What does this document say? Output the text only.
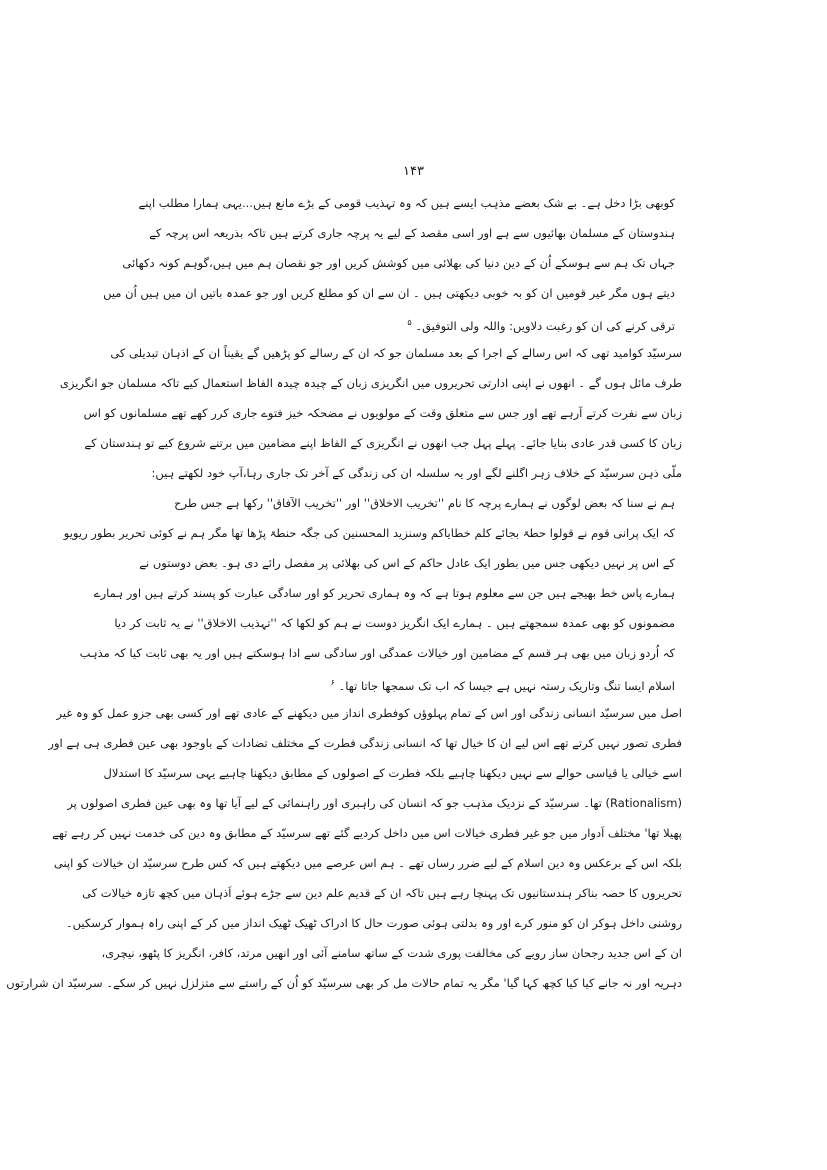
۱۴۳
کوبھی بڑا دخل ہے۔ بے شک بعضے مذہب ایسے ہیں کہ وہ تہذیب قومی کے بڑے مانع ہیں...یہی ہمارا مطلب اپنے
ہندوستان کے مسلمان بھائیوں سے ہے اور اسی مقصد کے لیے یہ پرچہ جاری کرتے ہیں تاکہ بذریعہ اس پرچہ کے
جہاں تک ہم سے ہوسکے اُن کے دین دنیا کی بھلائی میں کوشش کریں اور جو نقصان ہم میں ہیں،گوہم کونہ دکھائی
دیتے ہوں مگر غیر قومیں ان کو بہ خوبی دیکھتی ہیں ۔ ان سے ان کو مطلع کریں اور جو عمدہ باتیں ان میں ہیں اُن میں
ترقی کرنے کی ان کو رغبت دلاویں: واللہ ولی التوفیق۔ $^۵$
سرسیّد کوامید تھی کہ اس رسالے کے اجرا کے بعد مسلمان جو کہ ان کے رسالے کو پڑھیں گے یقیناً ان کے اذہان تبدیلی کی
طرف مائل ہوں گے ۔ انھوں نے اپنی ادارتی تحریروں میں انگریزی زبان کے چیدہ چیدہ الفاظ استعمال کیے تاکہ مسلمان جو انگریزی
زبان سے نفرت کرتے آرہے تھے اور جس سے متعلق وقت کے مولویوں نے مضحکہ خیز فتوے جاری کرر کھے تھے مسلمانوں کو اس
زبان کا کسی قدر عادی بنایا جائے۔ پہلے پہل جب انھوں نے انگریزی کے الفاظ اپنے مضامین میں برتنے شروع کیے تو ہندستان کے
ملّی ذہن سرسیّد کے خلاف زہر اگلنے لگے اور یہ سلسلہ ان کی زندگی کے آخر تک جاری رہا،آپ خود لکھتے ہیں:
ہم نے سنا کہ بعض لوگوں نے ہمارے پرچہ کا نام ''تخریب الاخلاق'' اور ''تخریب الآفاق'' رکھا ہے جس طرح
کہ ایک پرانی قوم نے قولوا حطۃ بجائے کلم خطایاکم وسنزید المحسنین کی جگہ حنطۃ پڑھا تھا مگر ہم نے کوئی تحریر بطور ریویو
کے اس پر نہیں دیکھی جس میں بطور ایک عادل حاکم کے اس کی بھلائی پر مفصل رائے دی ہو۔ بعض دوستوں نے
ہمارے پاس خط بھیجے ہیں جن سے معلوم ہوتا ہے کہ وہ ہماری تحریر کو اور سادگی عبارت کو پسند کرتے ہیں اور ہمارے
مضمونوں کو بھی عمدہ سمجھتے ہیں ۔ ہمارے ایک انگریز دوست نے ہم کو لکھا کہ ''تہذیب الاخلاق'' نے یہ ثابت کر دیا
کہ اُردو زبان میں بھی ہر قسم کے مضامین اور خیالات عمدگی اور سادگی سے ادا ہوسکتے ہیں اور یہ بھی ثابت کیا کہ مذہب
اسلام ایسا تنگ وتاریک رستہ نہیں ہے جیسا کہ اب تک سمجھا جاتا تھا۔ $^۶$
اصل میں سرسیّد انسانی زندگی اور اس کے تمام پہلوؤں کوفطری انداز میں دیکھنے کے عادی تھے اور کسی بھی جزو عمل کو وہ غیر
فطری تصور نہیں کرتے تھے اس لیے ان کا خیال تھا کہ انسانی زندگی فطرت کے مختلف تضادات کے باوجود بھی عین فطری ہی ہے اور
اسے خیالی یا قیاسی حوالے سے نہیں دیکھنا چاہیے بلکہ فطرت کے اصولوں کے مطابق دیکھنا چاہیے یہی سرسیّد کا استدلال
(Rationalism) تھا۔ سرسیّد کے نزدیک مذہب جو کہ انسان کی راہبری اور راہنمائی کے لیے آیا تھا وہ بھی عین فطری اصولوں پر
پھیلا تھا' مختلف اَدوار میں جو غیر فطری خیالات اس میں داخل کردیے گئے تھے سرسیّد کے مطابق وہ دین کی خدمت نہیں کر رہے تھے
بلکہ اس کے برعکس وہ دین اسلام کے لیے ضرر رساں تھے ۔ ہم اس عرصے میں دیکھتے ہیں کہ کس طرح سرسیّد ان خیالات کو اپنی
تحریروں کا حصہ بناکر ہندستانیوں تک پہنچا رہے ہیں تاکہ ان کے قدیم علم دین سے جڑے ہوئے اَذہان میں کچھ تازہ خیالات کی
روشنی داخل ہوکر ان کو منور کرے اور وہ بدلتی ہوئی صورت حال کا ادراک ٹھیک ٹھیک انداز میں کر کے اپنی راہ ہموار کرسکیں۔
ان کے اس جدید رجحان ساز رویے کی مخالفت پوری شدت کے ساتھ سامنے آئی اور انھیں مرتد، کافر، انگریز کا پٹھو، نیچری،
دہریہ اور نہ جانے کیا کیا کچھ کہا گیا' مگر یہ تمام حالات مل کر بھی سرسیّد کو اُن کے راستے سے متزلزل نہیں کر سکے۔ سرسیّد ان شرارتوں
